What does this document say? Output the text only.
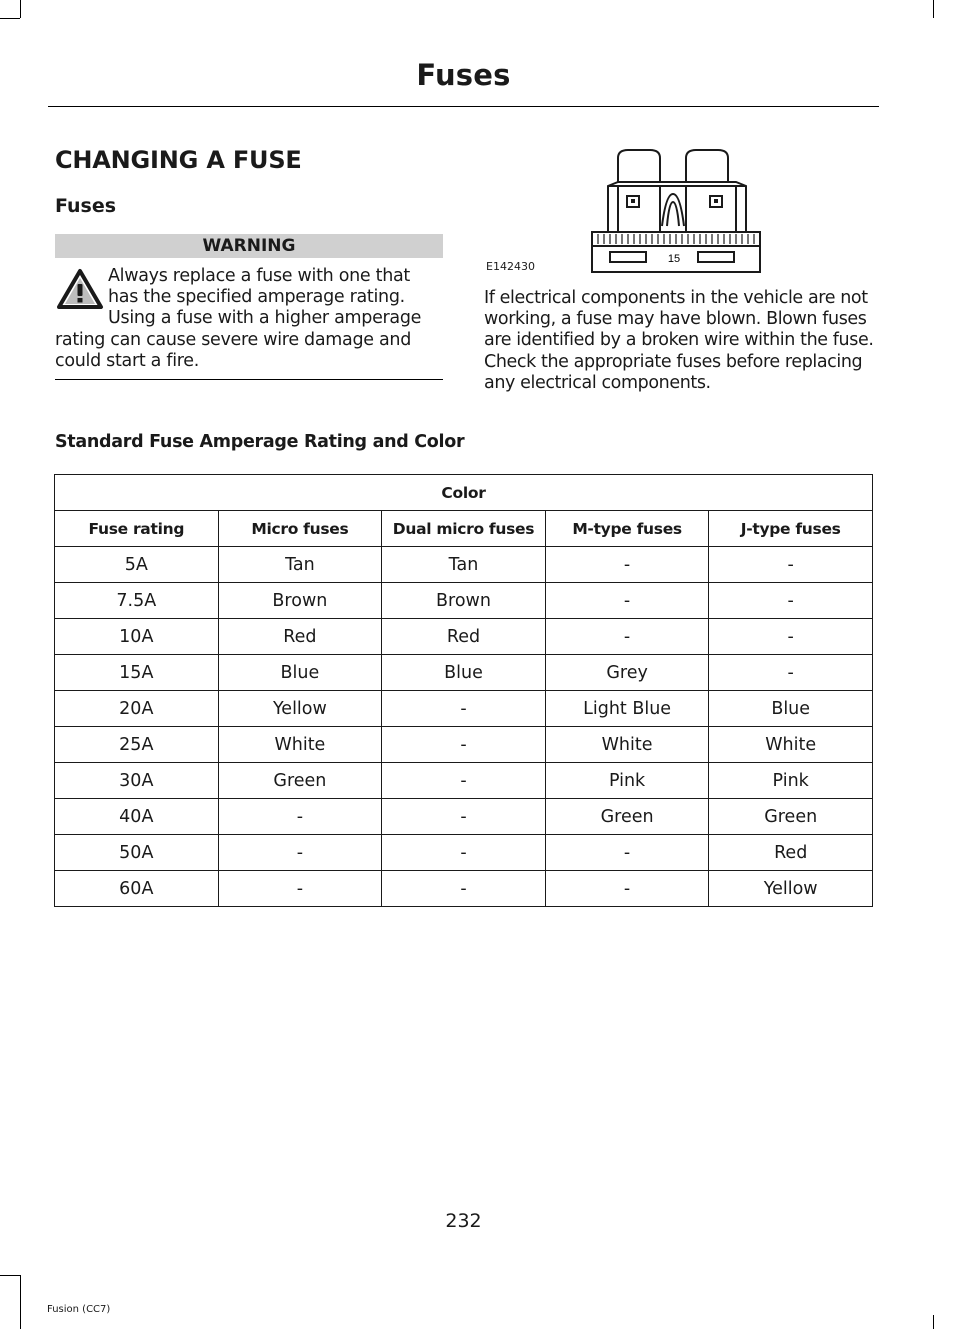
Fuses
CHANGING A FUSE
Fuses
WARNING

Always replace a fuse with one that has the specified amperage rating. Using a fuse with a higher amperage rating can cause severe wire damage and could start a fire.

15
E142430

If electrical components in the vehicle are not working, a fuse may have blown. Blown fuses are identified by a broken wire within the fuse. Check the appropriate fuses before replacing any electrical components.

Standard Fuse Amperage Rating and Color
Color				
Fuse rating	Micro fuses	Dual micro fuses	M-type fuses	J-type fuses
5A	Tan	Tan	-	-
7.5A	Brown	Brown	-	-
10A	Red	Red	-	-
15A	Blue	Blue	Grey	-
20A	Yellow	-	Light Blue	Blue
25A	White	-	White	White
30A	Green	-	Pink	Pink
40A	-	-	Green	Green
50A	-	-	-	Red
60A	-	-	-	Yellow
232
Fusion (CC7)
